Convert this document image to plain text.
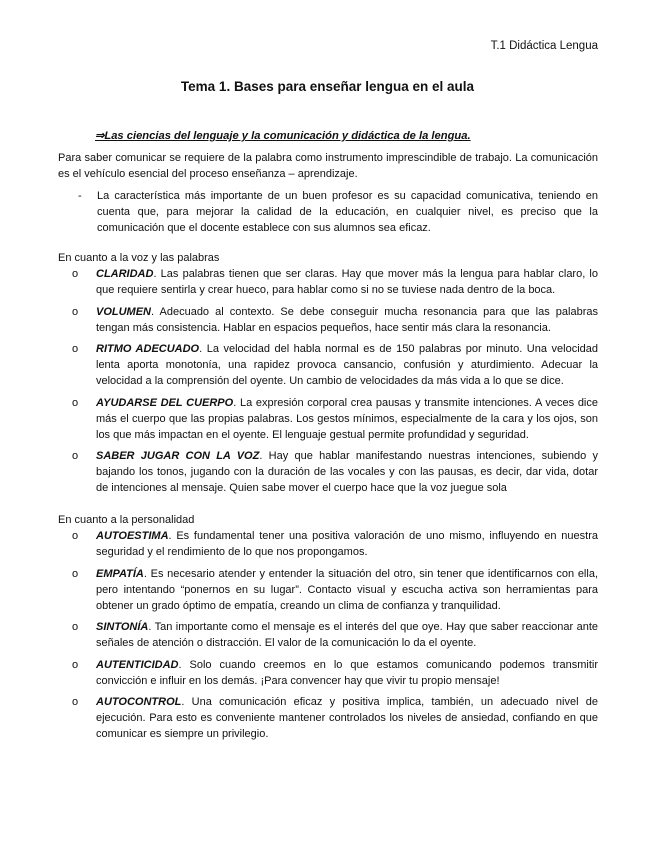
T.1 Didáctica Lengua
Tema 1. Bases para enseñar lengua en el aula
⇒Las ciencias del lenguaje y la comunicación y didáctica de la lengua.
Para saber comunicar se requiere de la palabra como instrumento imprescindible de trabajo. La comunicación es el vehículo esencial del proceso enseñanza – aprendizaje.
- La característica más importante de un buen profesor es su capacidad comunicativa, teniendo en cuenta que, para mejorar la calidad de la educación, en cualquier nivel, es preciso que la comunicación que el docente establece con sus alumnos sea eficaz.
En cuanto a la voz y las palabras
o	CLARIDAD. Las palabras tienen que ser claras. Hay que mover más la lengua para hablar claro, lo que requiere sentirla y crear hueco, para hablar como si no se tuviese nada dentro de la boca.
o	VOLUMEN. Adecuado al contexto. Se debe conseguir mucha resonancia para que las palabras tengan más consistencia. Hablar en espacios pequeños, hace sentir más clara la resonancia.
o	RITMO ADECUADO. La velocidad del habla normal es de 150 palabras por minuto. Una velocidad lenta aporta monotonía, una rapidez provoca cansancio, confusión y aturdimiento. Adecuar la velocidad a la comprensión del oyente. Un cambio de velocidades da más vida a lo que se dice.
o	AYUDARSE DEL CUERPO. La expresión corporal crea pausas y transmite intenciones. A veces dice más el cuerpo que las propias palabras. Los gestos mínimos, especialmente de la cara y los ojos, son los que más impactan en el oyente. El lenguaje gestual permite profundidad y seguridad.
o	SABER JUGAR CON LA VOZ. Hay que hablar manifestando nuestras intenciones, subiendo y bajando los tonos, jugando con la duración de las vocales y con las pausas, es decir, dar vida, dotar de intenciones al mensaje. Quien sabe mover el cuerpo hace que la voz juegue sola
En cuanto a la personalidad
o	AUTOESTIMA. Es fundamental tener una positiva valoración de uno mismo, influyendo en nuestra seguridad y el rendimiento de lo que nos propongamos.
o	EMPATÍA. Es necesario atender y entender la situación del otro, sin tener que identificarnos con ella, pero intentando “ponernos en su lugar”. Contacto visual y escucha activa son herramientas para obtener un grado óptimo de empatía, creando un clima de confianza y tranquilidad.
o	SINTONÍA. Tan importante como el mensaje es el interés del que oye. Hay que saber reaccionar ante señales de atención o distracción. El valor de la comunicación lo da el oyente.
o	AUTENTICIDAD. Solo cuando creemos en lo que estamos comunicando podemos transmitir convicción e influir en los demás. ¡Para convencer hay que vivir tu propio mensaje!
o	AUTOCONTROL. Una comunicación eficaz y positiva implica, también, un adecuado nivel de ejecución. Para esto es conveniente mantener controlados los niveles de ansiedad, confiando en que comunicar es siempre un privilegio.
